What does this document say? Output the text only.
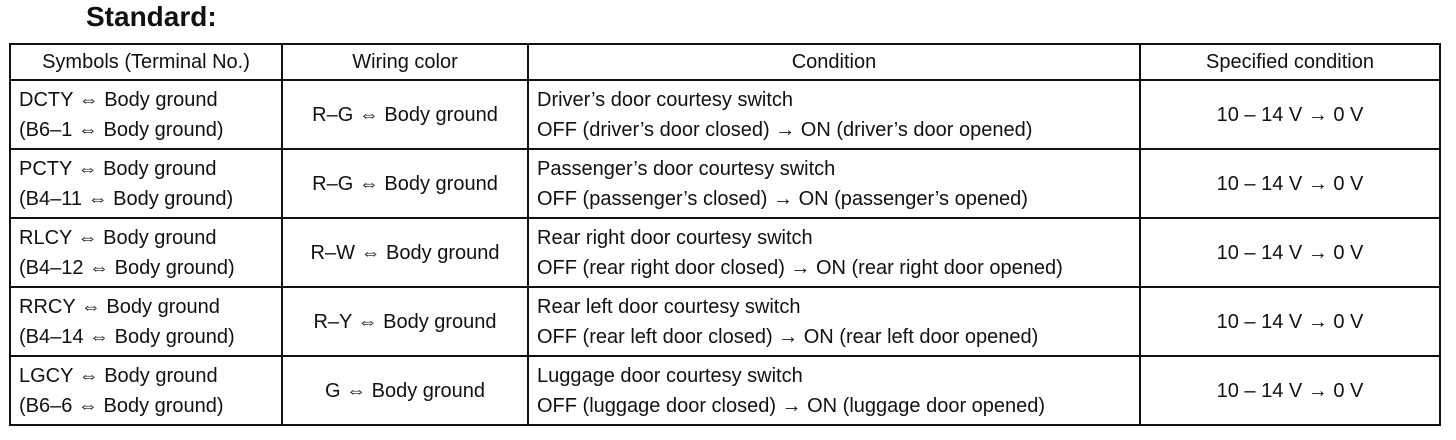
Standard:
Symbols (Terminal No.)	Wiring color	Condition	Specified condition

DCTY ⇔ Body ground
(B6–1 ⇔ Body ground)	R–G ⇔ Body ground	Driver’s door courtesy switch
OFF (driver’s door closed) → ON (driver’s door opened)	10 – 14 V → 0 V

PCTY ⇔ Body ground
(B4–11 ⇔ Body ground)	R–G ⇔ Body ground	Passenger’s door courtesy switch
OFF (passenger’s closed) → ON (passenger’s opened)	10 – 14 V → 0 V

RLCY ⇔ Body ground
(B4–12 ⇔ Body ground)	R–W ⇔ Body ground	Rear right door courtesy switch
OFF (rear right door closed) → ON (rear right door opened)	10 – 14 V → 0 V

RRCY ⇔ Body ground
(B4–14 ⇔ Body ground)	R–Y ⇔ Body ground	Rear left door courtesy switch
OFF (rear left door closed) → ON (rear left door opened)	10 – 14 V → 0 V

LGCY ⇔ Body ground
(B6–6 ⇔ Body ground)	G ⇔ Body ground	Luggage door courtesy switch
OFF (luggage door closed) → ON (luggage door opened)	10 – 14 V → 0 V
